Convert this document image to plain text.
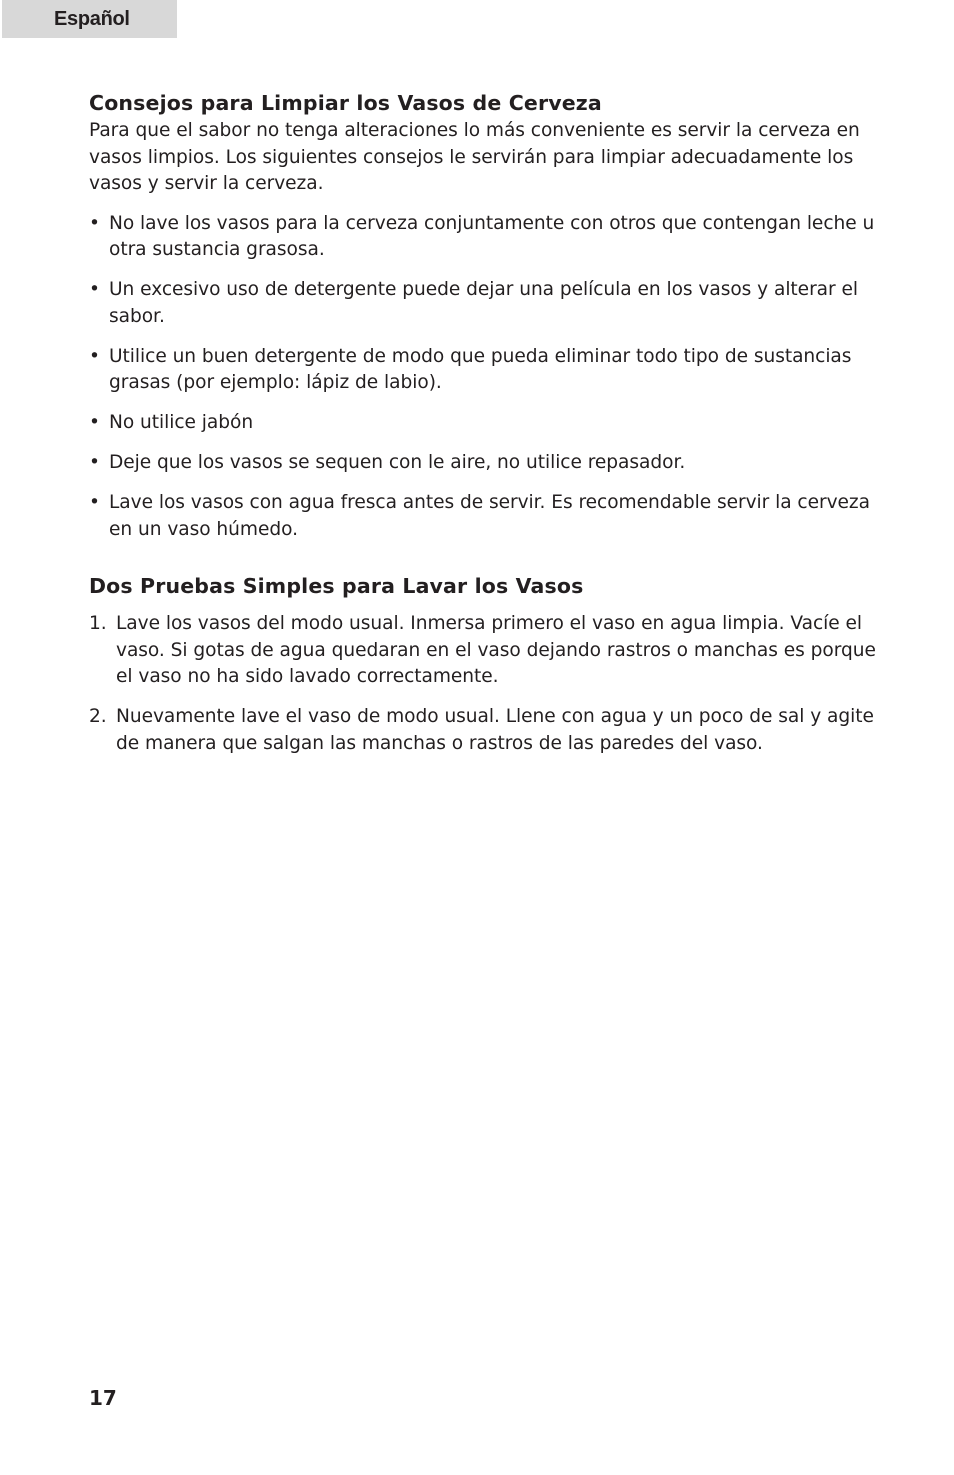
Español
Consejos para Limpiar los Vasos de Cerveza

Para que el sabor no tenga alteraciones lo más conveniente es servir la cerveza en vasos limpios. Los siguientes consejos le servirán para limpiar adecuadamente los vasos y servir la cerveza.

• No lave los vasos para la cerveza conjuntamente con otros que contengan leche u otra sustancia grasosa.
• Un excesivo uso de detergente puede dejar una película en los vasos y alterar el sabor.
• Utilice un buen detergente de modo que pueda eliminar todo tipo de sustancias grasas (por ejemplo: lápiz de labio).
• No utilice jabón
• Deje que los vasos se sequen con le aire, no utilice repasador.
• Lave los vasos con agua fresca antes de servir. Es recomendable servir la cerveza en un vaso húmedo.
Dos Pruebas Simples para Lavar los Vasos
1. Lave los vasos del modo usual. Inmersa primero el vaso en agua limpia. Vacíe el vaso. Si gotas de agua quedaran en el vaso dejando rastros o manchas es porque el vaso no ha sido lavado correctamente.
2. Nuevamente lave el vaso de modo usual. Llene con agua y un poco de sal y agite de manera que salgan las manchas o rastros de las paredes del vaso.
17
